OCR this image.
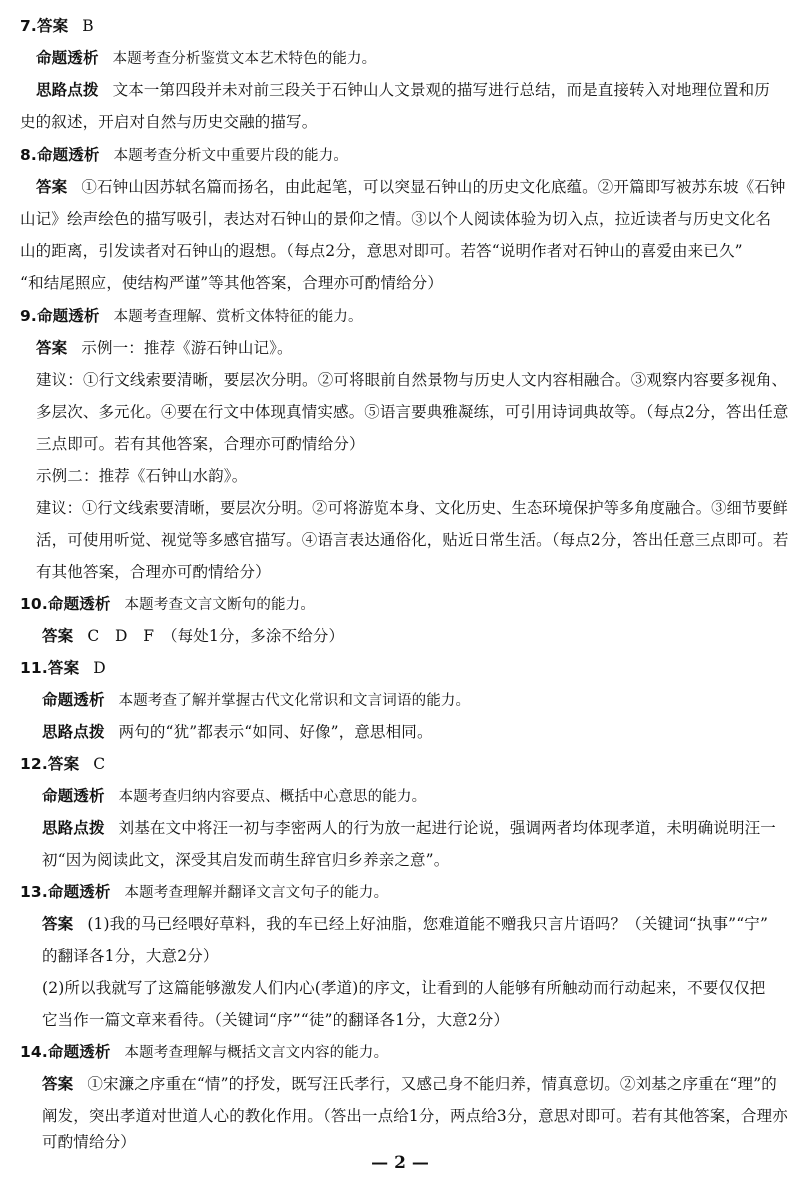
7.答案 B
命题透析 本题考查分析鉴赏文本艺术特色的能力。
思路点拨 文本一第四段并未对前三段关于石钟山人文景观的描写进行总结，而是直接转入对地理位置和历
史的叙述，开启对自然与历史交融的描写。
8.命题透析 本题考查分析文中重要片段的能力。
答案 ①石钟山因苏轼名篇而扬名，由此起笔，可以突显石钟山的历史文化底蕴。②开篇即写被苏东坡《石钟
山记》绘声绘色的描写吸引，表达对石钟山的景仰之情。③以个人阅读体验为切入点，拉近读者与历史文化名
山的距离，引发读者对石钟山的遐想。（每点2分，意思对即可。若答“说明作者对石钟山的喜爱由来已久”
“和结尾照应，使结构严谨”等其他答案，合理亦可酌情给分）
9.命题透析 本题考查理解、赏析文体特征的能力。
答案 示例一：推荐《游石钟山记》。
建议：①行文线索要清晰，要层次分明。②可将眼前自然景物与历史人文内容相融合。③观察内容要多视角、
多层次、多元化。④要在行文中体现真情实感。⑤语言要典雅凝练，可引用诗词典故等。（每点2分，答出任意
三点即可。若有其他答案，合理亦可酌情给分）
示例二：推荐《石钟山水韵》。
建议：①行文线索要清晰，要层次分明。②可将游览本身、文化历史、生态环境保护等多角度融合。③细节要鲜
活，可使用听觉、视觉等多感官描写。④语言表达通俗化，贴近日常生活。（每点2分，答出任意三点即可。若
有其他答案，合理亦可酌情给分）
10.命题透析 本题考查文言文断句的能力。
答案 C　D　F　（每处1分，多涂不给分）
11.答案 D
命题透析 本题考查了解并掌握古代文化常识和文言词语的能力。
思路点拨 两句的“犹”都表示“如同、好像”，意思相同。
12.答案 C
命题透析 本题考查归纳内容要点、概括中心意思的能力。
思路点拨 刘基在文中将汪一初与李密两人的行为放一起进行论说，强调两者均体现孝道，未明确说明汪一
初“因为阅读此文，深受其启发而萌生辞官归乡养亲之意”。
13.命题透析 本题考查理解并翻译文言文句子的能力。
答案 (1)我的马已经喂好草料，我的车已经上好油脂，您难道能不赠我只言片语吗？（关键词“执事”“宁”
的翻译各1分，大意2分）
(2)所以我就写了这篇能够激发人们内心(孝道)的序文，让看到的人能够有所触动而行动起来，不要仅仅把
它当作一篇文章来看待。（关键词“序”“徒”的翻译各1分，大意2分）
14.命题透析 本题考查理解与概括文言文内容的能力。
答案 ①宋濂之序重在“情”的抒发，既写汪氏孝行，又感己身不能归养，情真意切。②刘基之序重在“理”的
阐发，突出孝道对世道人心的教化作用。（答出一点给1分，两点给3分，意思对即可。若有其他答案，合理亦
可酌情给分）
— 2 —
